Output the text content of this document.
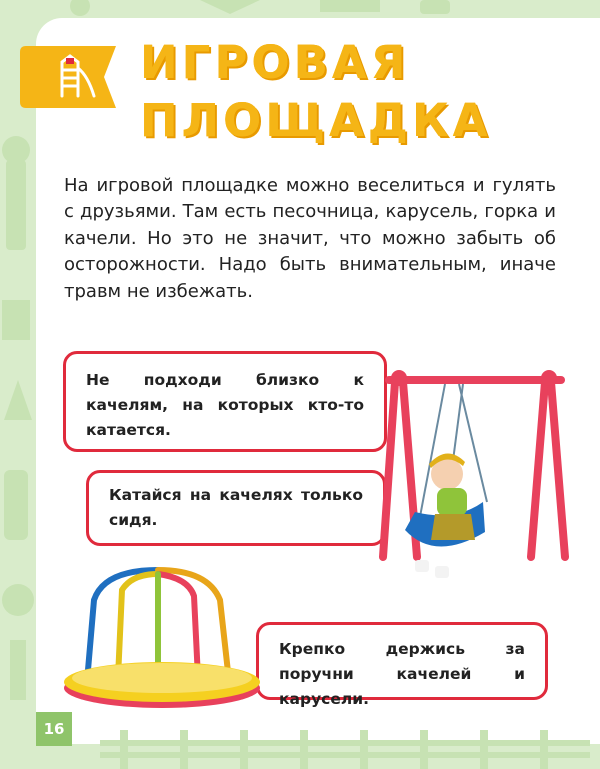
ИГРОВАЯ
ПЛОЩАДКА

На игровой площадке можно веселиться и гулять с друзьями. Там есть песочница, карусель, горка и качели. Но это не значит, что можно забыть об осторожности. Надо быть внимательным, иначе травм не избежать.

Не подходи близко к качелям, на которых кто-то катается.
Катайся на качелях только сидя.
Крепко держись за поручни качелей и карусели.
16
